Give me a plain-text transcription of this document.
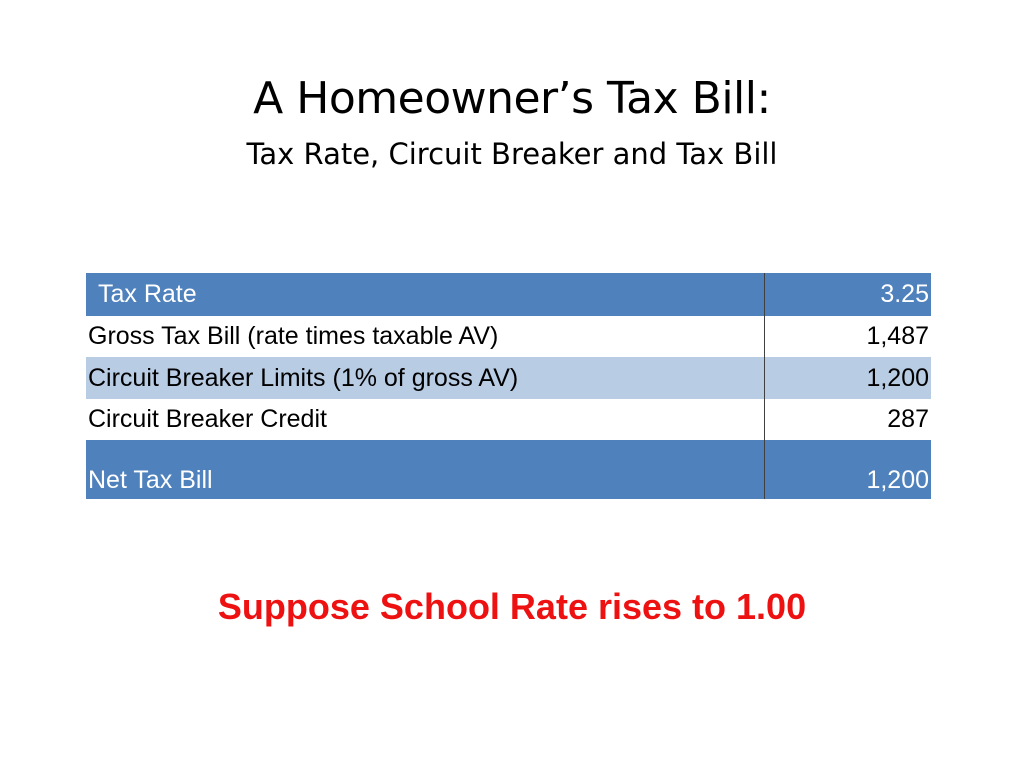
A Homeowner’s Tax Bill:
Tax Rate, Circuit Breaker and Tax Bill
Tax Rate	3.25
Gross Tax Bill (rate times taxable AV)	1,487
Circuit Breaker Limits (1% of gross AV)	1,200
Circuit Breaker Credit	287
Net Tax Bill	1,200
Suppose School Rate rises to 1.00
